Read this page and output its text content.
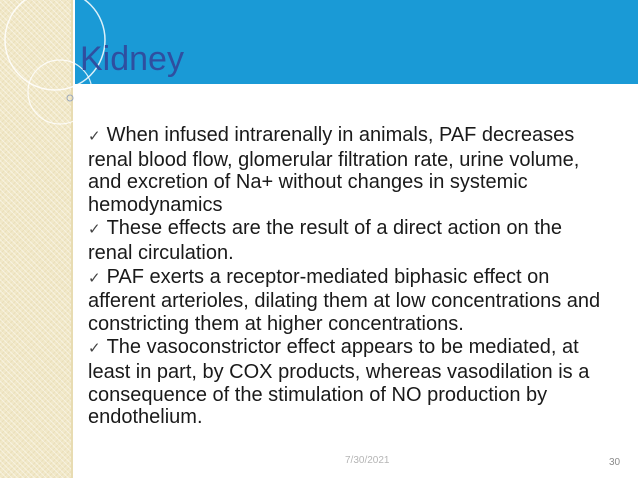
Kidney
✓ When infused intrarenally in animals, PAF decreases renal blood flow, glomerular filtration rate, urine volume, and excretion of Na+ without changes in systemic hemodynamics
✓ These effects are the result of a direct action on the renal circulation.
✓ PAF exerts a receptor-mediated biphasic effect on afferent arterioles, dilating them at low concentrations and constricting them at higher concentrations.
✓ The vasoconstrictor effect appears to be mediated, at least in part, by COX products, whereas vasodilation is a consequence of the stimulation of NO production by endothelium.
7/30/2021	30
